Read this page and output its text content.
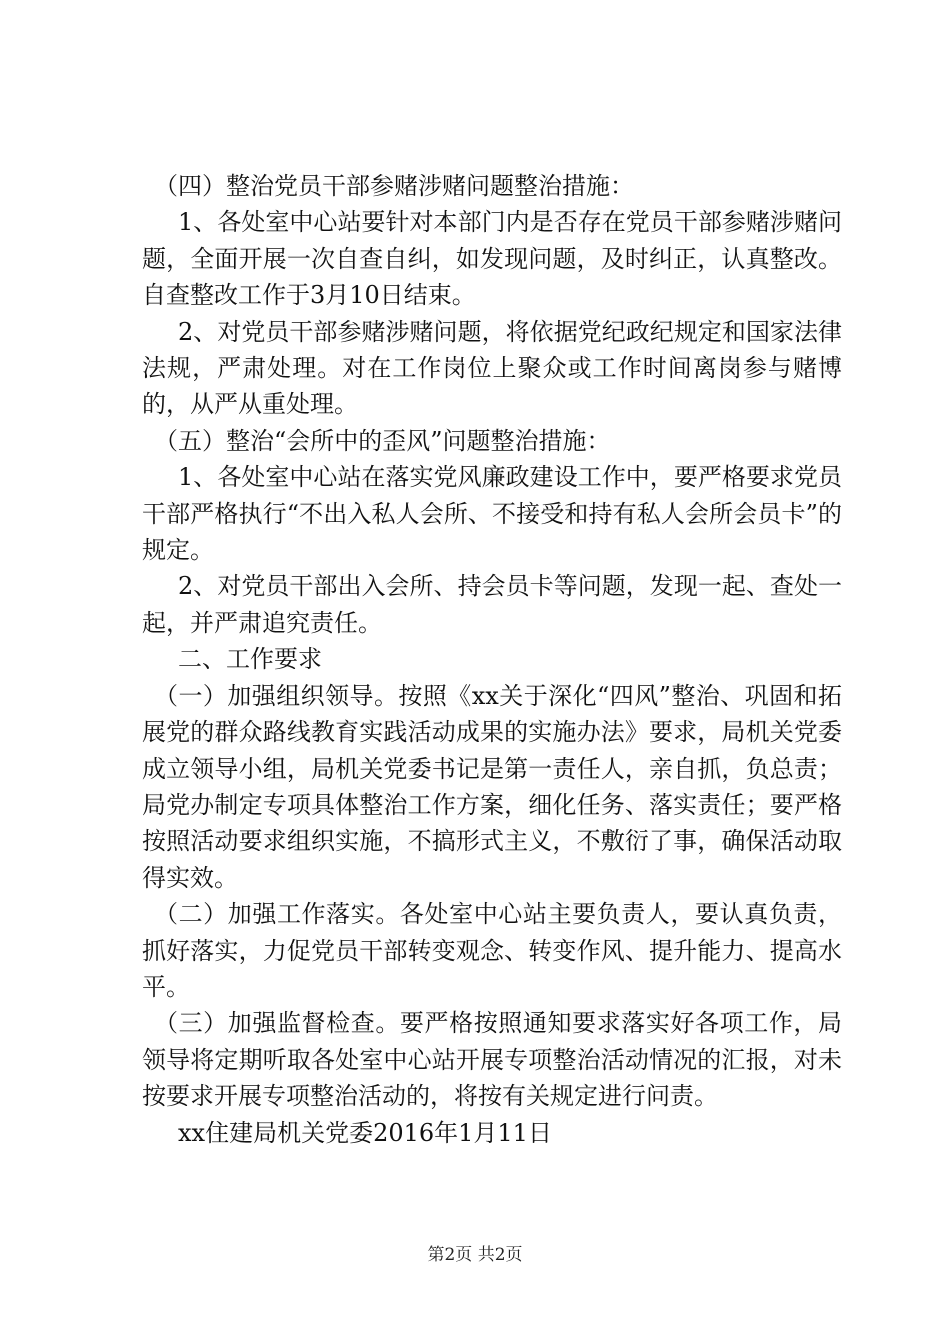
（四）整治党员干部参赌涉赌问题整治措施：

1、各处室中心站要针对本部门内是否存在党员干部参赌涉赌问题，全面开展一次自查自纠，如发现问题，及时纠正，认真整改。自查整改工作于3月10日结束。

2、对党员干部参赌涉赌问题，将依据党纪政纪规定和国家法律法规，严肃处理。对在工作岗位上聚众或工作时间离岗参与赌博的，从严从重处理。

（五）整治“会所中的歪风”问题整治措施：

1、各处室中心站在落实党风廉政建设工作中，要严格要求党员干部严格执行“不出入私人会所、不接受和持有私人会所会员卡”的规定。

2、对党员干部出入会所、持会员卡等问题，发现一起、查处一起，并严肃追究责任。

二、工作要求

（一）加强组织领导。按照《xx关于深化“四风”整治、巩固和拓展党的群众路线教育实践活动成果的实施办法》要求，局机关党委成立领导小组，局机关党委书记是第一责任人，亲自抓，负总责；局党办制定专项具体整治工作方案，细化任务、落实责任；要严格按照活动要求组织实施，不搞形式主义，不敷衍了事，确保活动取得实效。

（二）加强工作落实。各处室中心站主要负责人，要认真负责，抓好落实，力促党员干部转变观念、转变作风、提升能力、提高水平。

（三）加强监督检查。要严格按照通知要求落实好各项工作，局领导将定期听取各处室中心站开展专项整治活动情况的汇报，对未按要求开展专项整治活动的，将按有关规定进行问责。

xx住建局机关党委2016年1月11日

第2页 共2页
